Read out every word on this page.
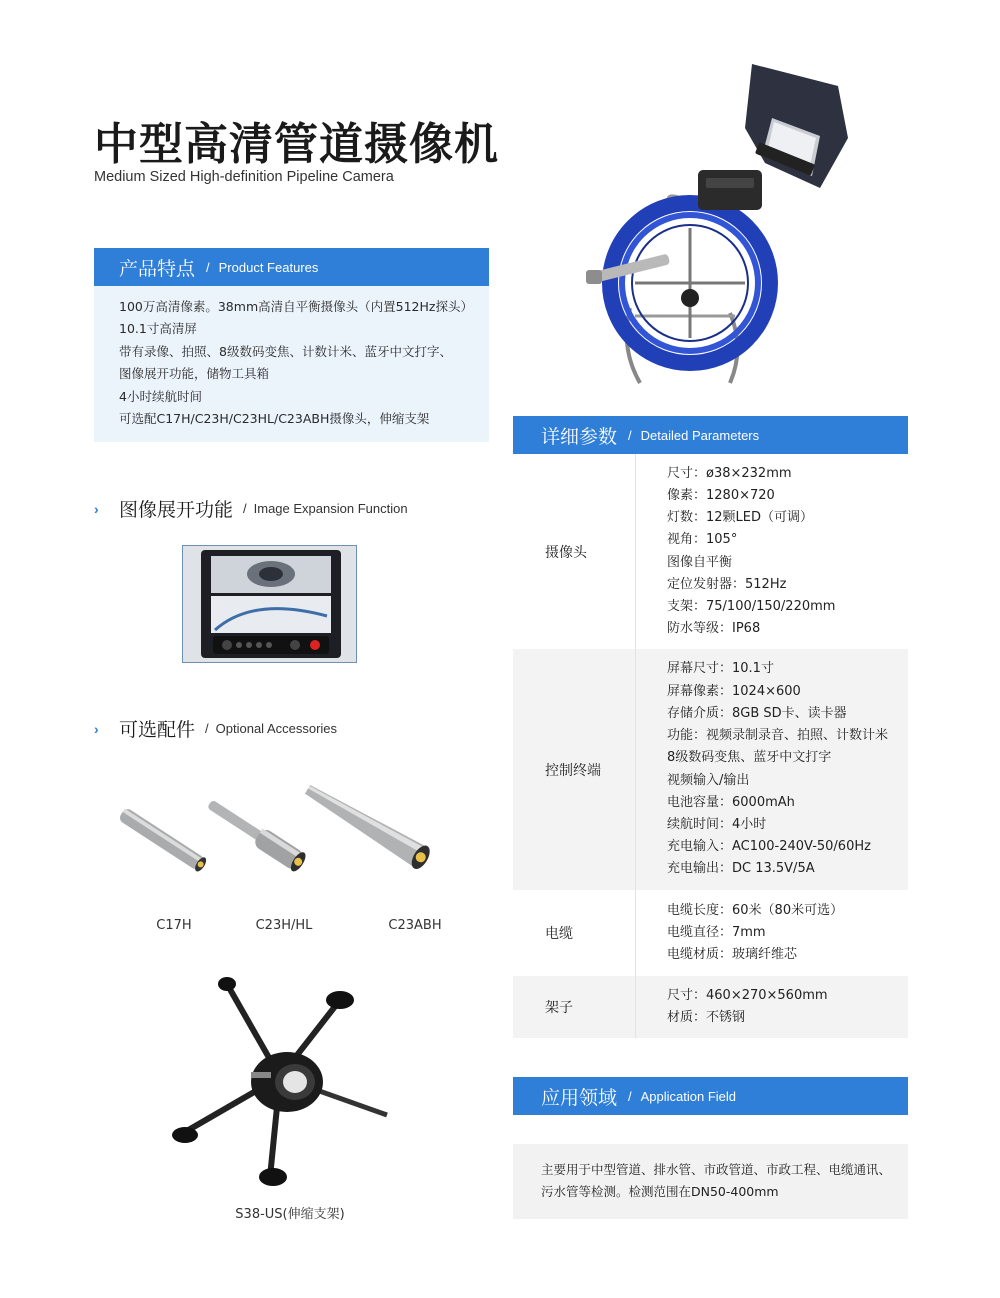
中型高清管道摄像机

Medium Sized High-definition Pipeline Camera

产品特点 / Product Features
100万高清像素。38mm高清自平衡摄像头（内置512Hz探头）
10.1寸高清屏
带有录像、拍照、8级数码变焦、计数计米、蓝牙中文打字、
图像展开功能，储物工具箱
4小时续航时间
可选配C17H/C23H/C23HL/C23ABH摄像头，伸缩支架
›	图像展开功能 / Image Expansion Function
›	可选配件 / Optional Accessories
C17H	C23H/HL	C23ABH
S38-US(伸缩支架)
详细参数 / Detailed Parameters
摄像头
尺寸：ø38×232mm
像素：1280×720
灯数：12颗LED（可调）
视角：105°
图像自平衡
定位发射器：512Hz
支架：75/100/150/220mm
防水等级：IP68
控制终端
屏幕尺寸：10.1寸
屏幕像素：1024×600
存储介质：8GB SD卡、读卡器
功能：视频录制录音、拍照、计数计米
8级数码变焦、蓝牙中文打字
视频输入/输出
电池容量：6000mAh
续航时间：4小时
充电输入：AC100-240V-50/60Hz
充电输出：DC 13.5V/5A
电缆
电缆长度：60米（80米可选）
电缆直径：7mm
电缆材质：玻璃纤维芯
架子
尺寸：460×270×560mm
材质：不锈钢
应用领域 / Application Field
主要用于中型管道、排水管、市政管道、市政工程、电缆通讯、
污水管等检测。检测范围在DN50-400mm
